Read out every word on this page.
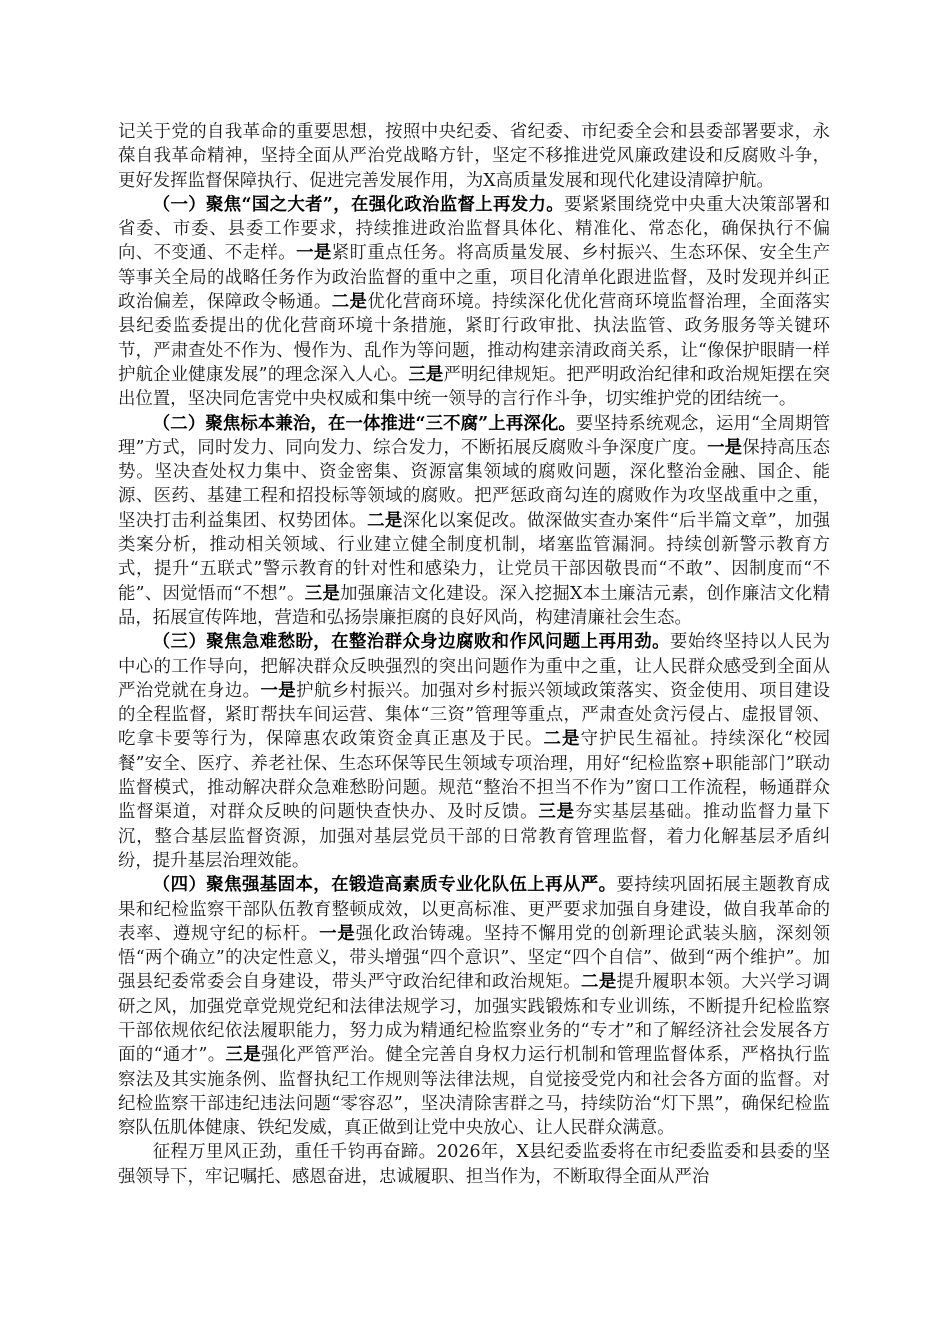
记关于党的自我革命的重要思想，按照中央纪委、省纪委、市纪委全会和县委部署要求，永葆自我革命精神，坚持全面从严治党战略方针，坚定不移推进党风廉政建设和反腐败斗争，更好发挥监督保障执行、促进完善发展作用，为X高质量发展和现代化建设清障护航。

（一）聚焦“国之大者”，在强化政治监督上再发力。要紧紧围绕党中央重大决策部署和省委、市委、县委工作要求，持续推进政治监督具体化、精准化、常态化，确保执行不偏向、不变通、不走样。一是紧盯重点任务。将高质量发展、乡村振兴、生态环保、安全生产等事关全局的战略任务作为政治监督的重中之重，项目化清单化跟进监督，及时发现并纠正政治偏差，保障政令畅通。二是优化营商环境。持续深化优化营商环境监督治理，全面落实县纪委监委提出的优化营商环境十条措施，紧盯行政审批、执法监管、政务服务等关键环节，严肃查处不作为、慢作为、乱作为等问题，推动构建亲清政商关系，让“像保护眼睛一样护航企业健康发展”的理念深入人心。三是严明纪律规矩。把严明政治纪律和政治规矩摆在突出位置，坚决同危害党中央权威和集中统一领导的言行作斗争，切实维护党的团结统一。

（二）聚焦标本兼治，在一体推进“三不腐”上再深化。要坚持系统观念，运用“全周期管理”方式，同时发力、同向发力、综合发力，不断拓展反腐败斗争深度广度。一是保持高压态势。坚决查处权力集中、资金密集、资源富集领域的腐败问题，深化整治金融、国企、能源、医药、基建工程和招投标等领域的腐败。把严惩政商勾连的腐败作为攻坚战重中之重，坚决打击利益集团、权势团体。二是深化以案促改。做深做实查办案件“后半篇文章”，加强类案分析，推动相关领域、行业建立健全制度机制，堵塞监管漏洞。持续创新警示教育方式，提升“五联式”警示教育的针对性和感染力，让党员干部因敬畏而“不敢”、因制度而“不能”、因觉悟而“不想”。三是加强廉洁文化建设。深入挖掘X本土廉洁元素，创作廉洁文化精品，拓展宣传阵地，营造和弘扬崇廉拒腐的良好风尚，构建清廉社会生态。

（三）聚焦急难愁盼，在整治群众身边腐败和作风问题上再用劲。要始终坚持以人民为中心的工作导向，把解决群众反映强烈的突出问题作为重中之重，让人民群众感受到全面从严治党就在身边。一是护航乡村振兴。加强对乡村振兴领域政策落实、资金使用、项目建设的全程监督，紧盯帮扶车间运营、集体“三资”管理等重点，严肃查处贪污侵占、虚报冒领、吃拿卡要等行为，保障惠农政策资金真正惠及于民。二是守护民生福祉。持续深化“校园餐”安全、医疗、养老社保、生态环保等民生领域专项治理，用好“纪检监察+职能部门”联动监督模式，推动解决群众急难愁盼问题。规范“整治不担当不作为”窗口工作流程，畅通群众监督渠道，对群众反映的问题快查快办、及时反馈。三是夯实基层基础。推动监督力量下沉，整合基层监督资源，加强对基层党员干部的日常教育管理监督，着力化解基层矛盾纠纷，提升基层治理效能。

（四）聚焦强基固本，在锻造高素质专业化队伍上再从严。要持续巩固拓展主题教育成果和纪检监察干部队伍教育整顿成效，以更高标准、更严要求加强自身建设，做自我革命的表率、遵规守纪的标杆。一是强化政治铸魂。坚持不懈用党的创新理论武装头脑，深刻领悟“两个确立”的决定性意义，带头增强“四个意识”、坚定“四个自信”、做到“两个维护”。加强县纪委常委会自身建设，带头严守政治纪律和政治规矩。二是提升履职本领。大兴学习调研之风，加强党章党规党纪和法律法规学习，加强实践锻炼和专业训练，不断提升纪检监察干部依规依纪依法履职能力，努力成为精通纪检监察业务的“专才”和了解经济社会发展各方面的“通才”。三是强化严管严治。健全完善自身权力运行机制和管理监督体系，严格执行监察法及其实施条例、监督执纪工作规则等法律法规，自觉接受党内和社会各方面的监督。对纪检监察干部违纪违法问题“零容忍”，坚决清除害群之马，持续防治“灯下黑”，确保纪检监察队伍肌体健康、铁纪发威，真正做到让党中央放心、让人民群众满意。

征程万里风正劲，重任千钧再奋蹄。2026年，X县纪委监委将在市纪委监委和县委的坚强领导下，牢记嘱托、感恩奋进，忠诚履职、担当作为，不断取得全面从严治
